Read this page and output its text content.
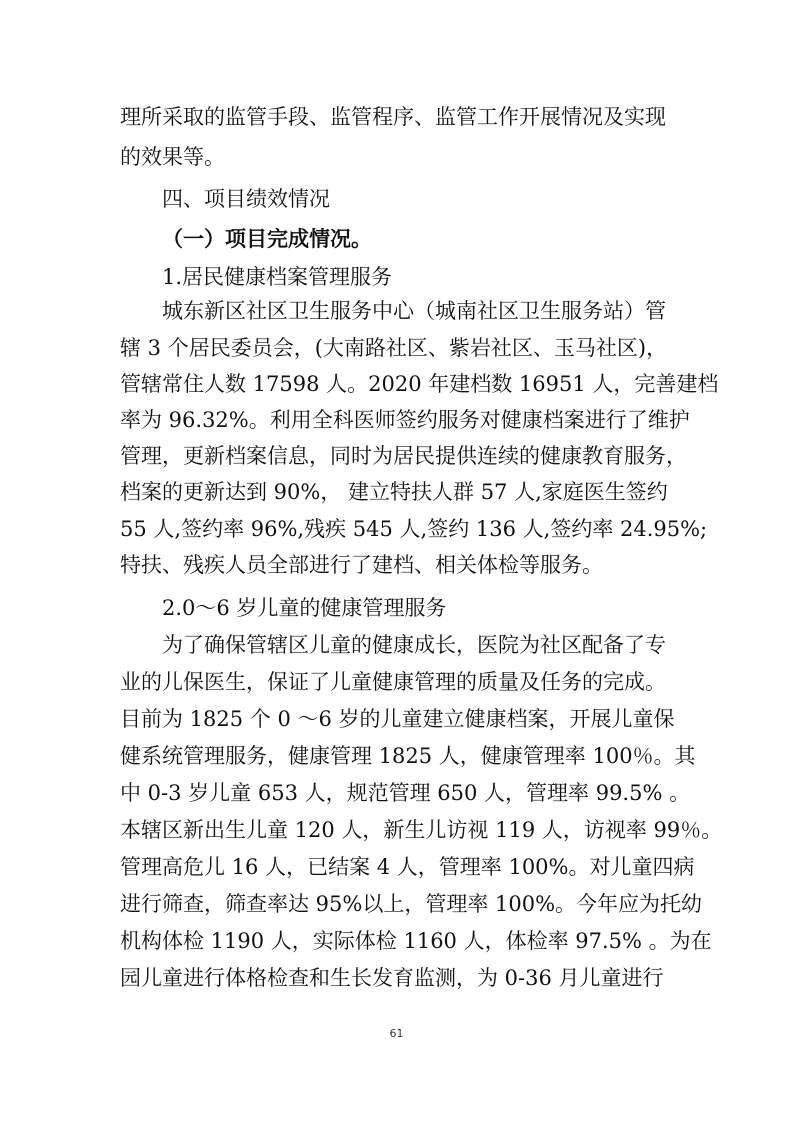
理所采取的监管手段、监管程序、监管工作开展情况及实现
的效果等。
四、项目绩效情况
（一）项目完成情况。
1.居民健康档案管理服务
城东新区社区卫生服务中心（城南社区卫生服务站）管
辖 3 个居民委员会，(大南路社区、紫岩社区、玉马社区)，
管辖常住人数 17598 人。2020 年建档数 16951 人，完善建档
率为 96.32%。利用全科医师签约服务对健康档案进行了维护
管理，更新档案信息，同时为居民提供连续的健康教育服务，
档案的更新达到 90%， 建立特扶人群 57 人,家庭医生签约
55 人,签约率 96%,残疾 545 人,签约 136 人,签约率 24.95%;
特扶、残疾人员全部进行了建档、相关体检等服务。
2.0～6 岁儿童的健康管理服务
为了确保管辖区儿童的健康成长，医院为社区配备了专
业的儿保医生，保证了儿童健康管理的质量及任务的完成。
目前为 1825 个 0 ～6 岁的儿童建立健康档案，开展儿童保
健系统管理服务，健康管理 1825 人，健康管理率 100％。其
中 0-3 岁儿童 653 人，规范管理 650 人，管理率 99.5% 。
本辖区新出生儿童 120 人，新生儿访视 119 人，访视率 99％。
管理高危儿 16 人，已结案 4 人，管理率 100%。对儿童四病
进行筛查，筛查率达 95%以上，管理率 100%。今年应为托幼
机构体检 1190 人，实际体检 1160 人，体检率 97.5% 。为在
园儿童进行体格检查和生长发育监测，为 0-36 月儿童进行
61
